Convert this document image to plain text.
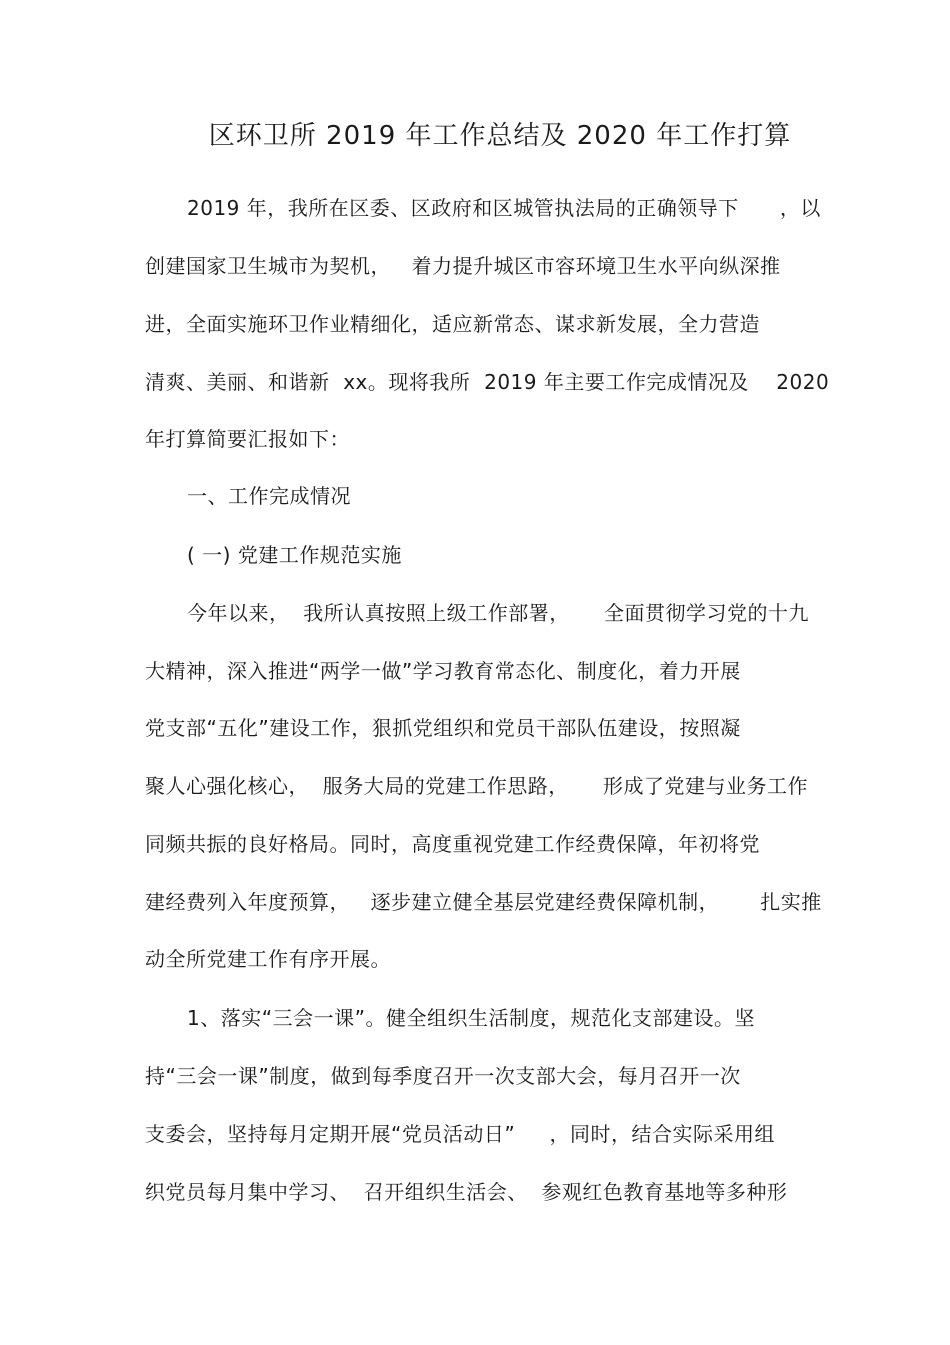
区环卫所 2019 年工作总结及 2020 年工作打算
2019 年，我所在区委、区政府和区城管执法局的正确领导下      ，以
创建国家卫生城市为契机，   着力提升城区市容环境卫生水平向纵深推
进，全面实施环卫作业精细化，适应新常态、谋求新发展，全力营造
清爽、美丽、和谐新  xx。现将我所  2019 年主要工作完成情况及    2020
年打算简要汇报如下：
一、工作完成情况
( 一) 党建工作规范实施
今年以来，  我所认真按照上级工作部署，     全面贯彻学习党的十九
大精神，深入推进“两学一做”学习教育常态化、制度化，着力开展
党支部“五化”建设工作，狠抓党组织和党员干部队伍建设，按照凝
聚人心强化核心，  服务大局的党建工作思路，     形成了党建与业务工作
同频共振的良好格局。同时，高度重视党建工作经费保障，年初将党
建经费列入年度预算，   逐步建立健全基层党建经费保障机制，      扎实推
动全所党建工作有序开展。
1、落实“三会一课”。健全组织生活制度，规范化支部建设。坚
持“三会一课”制度，做到每季度召开一次支部大会，每月召开一次
支委会，坚持每月定期开展“党员活动日”     ，同时，结合实际采用组
织党员每月集中学习、  召开组织生活会、  参观红色教育基地等多种形
